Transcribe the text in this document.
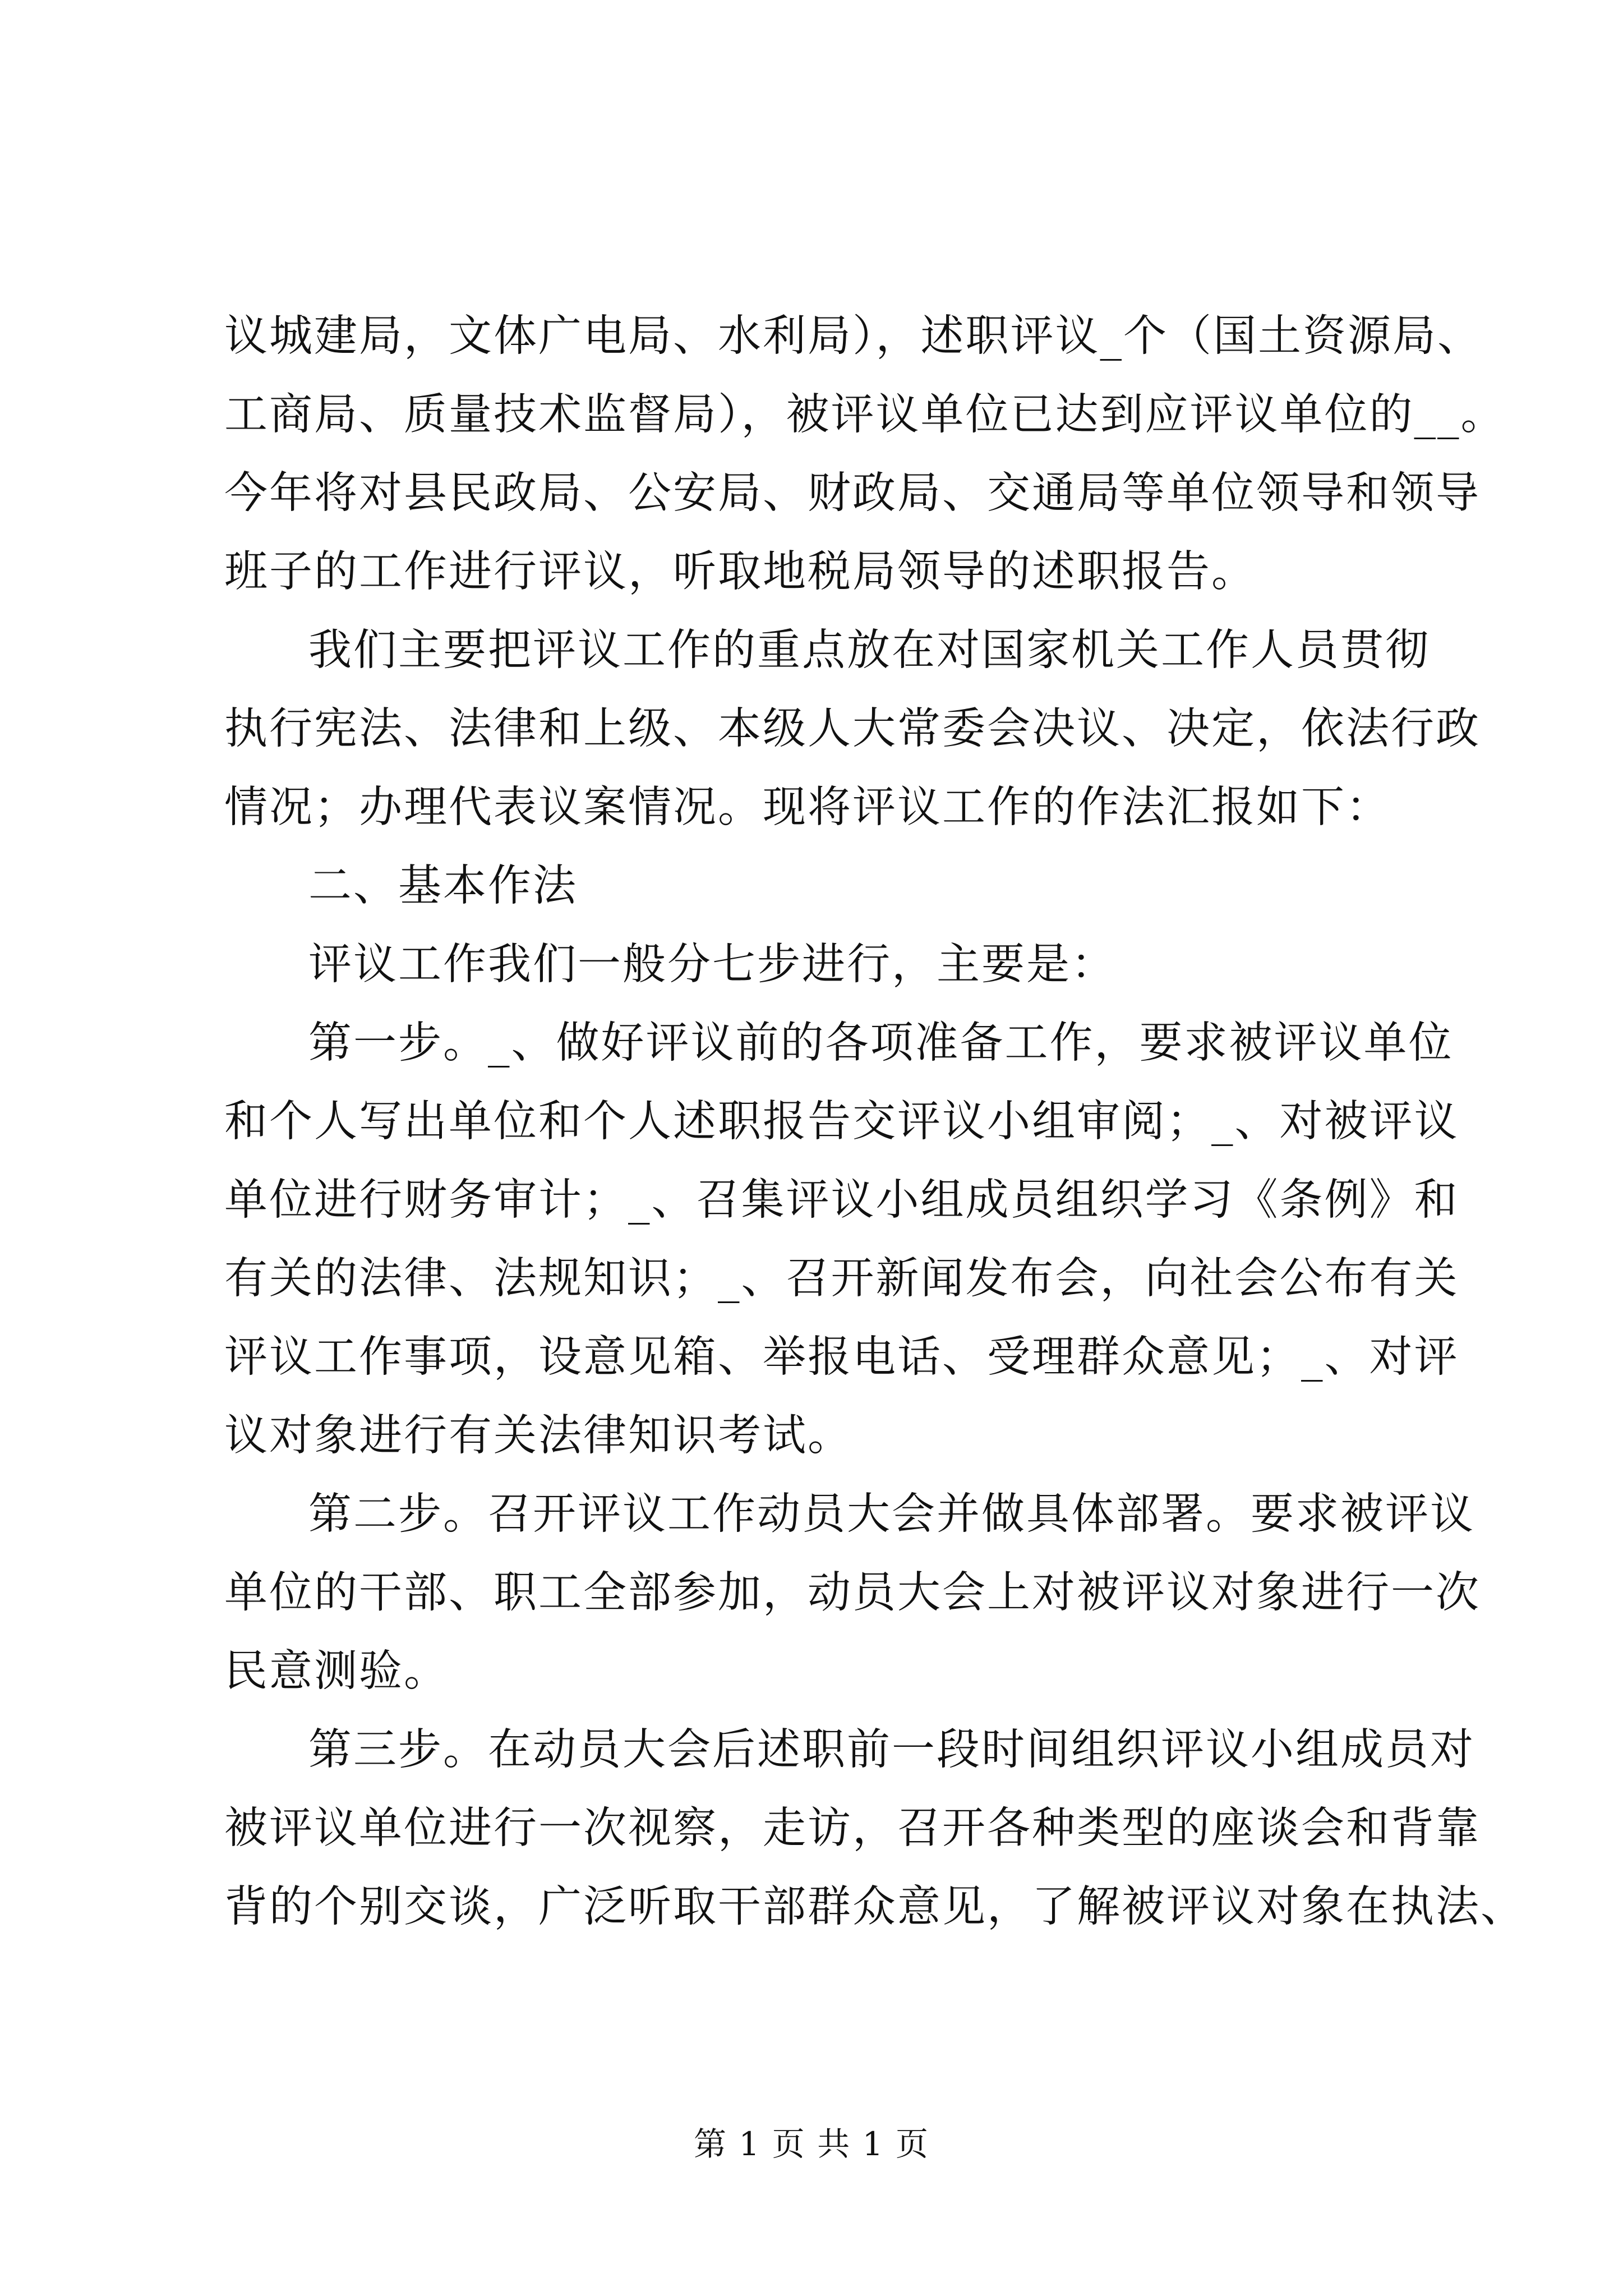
议城建局，文体广电局、水利局），述职评议_个（国土资源局、
工商局、质量技术监督局），被评议单位已达到应评议单位的__。
今年将对县民政局、公安局、财政局、交通局等单位领导和领导
班子的工作进行评议，听取地税局领导的述职报告。
我们主要把评议工作的重点放在对国家机关工作人员贯彻
执行宪法、法律和上级、本级人大常委会决议、决定，依法行政
情况；办理代表议案情况。现将评议工作的作法汇报如下：
二、基本作法
评议工作我们一般分七步进行，主要是：
第一步。_、做好评议前的各项准备工作，要求被评议单位
和个人写出单位和个人述职报告交评议小组审阅；_、对被评议
单位进行财务审计；_、召集评议小组成员组织学习《条例》和
有关的法律、法规知识；_、召开新闻发布会，向社会公布有关
评议工作事项，设意见箱、举报电话、受理群众意见；_、对评
议对象进行有关法律知识考试。
第二步。召开评议工作动员大会并做具体部署。要求被评议
单位的干部、职工全部参加，动员大会上对被评议对象进行一次
民意测验。
第三步。在动员大会后述职前一段时间组织评议小组成员对
被评议单位进行一次视察，走访，召开各种类型的座谈会和背靠
背的个别交谈，广泛听取干部群众意见，了解被评议对象在执法、
第 1 页 共 1 页
